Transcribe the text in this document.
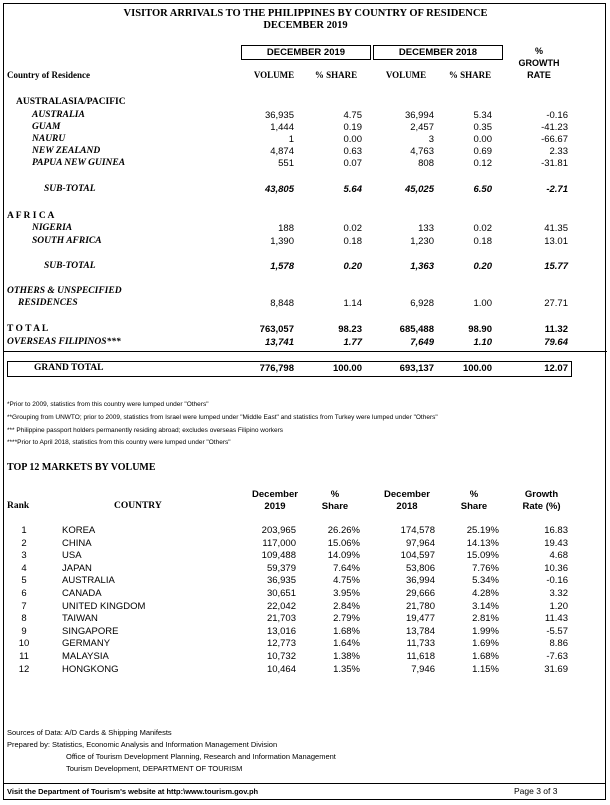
VISITOR ARRIVALS TO THE PHILIPPINES BY COUNTRY OF RESIDENCE
DECEMBER 2019
DECEMBER 2019	DECEMBER 2018	%
GROWTH
RATE
Country of Residence	VOLUME	% SHARE	VOLUME	% SHARE
AUSTRALASIA/PACIFIC
AUSTRALIA	36,935	4.75	36,994	5.34	-0.16
GUAM	1,444	0.19	2,457	0.35	-41.23
NAURU	1	0.00	3	0.00	-66.67
NEW ZEALAND	4,874	0.63	4,763	0.69	2.33
PAPUA NEW GUINEA	551	0.07	808	0.12	-31.81
SUB-TOTAL	43,805	5.64	45,025	6.50	-2.71
A F R I C A
NIGERIA	188	0.02	133	0.02	41.35
SOUTH AFRICA	1,390	0.18	1,230	0.18	13.01
SUB-TOTAL	1,578	0.20	1,363	0.20	15.77
OTHERS & UNSPECIFIED
RESIDENCES	8,848	1.14	6,928	1.00	27.71
T O T A L	763,057	98.23	685,488	98.90	11.32
OVERSEAS FILIPINOS***	13,741	1.77	7,649	1.10	79.64
GRAND TOTAL	776,798	100.00	693,137	100.00	12.07
*Prior to 2009, statistics from this country were lumped under "Others"
**Grouping from UNWTO; prior to 2009, statistics from Israel were lumped under "Middle East" and statistics from Turkey were lumped under "Others"
*** Philippine passport holders permanently residing abroad; excludes overseas Filipino workers
****Prior to April 2018, statistics from this country were lumped under "Others"
TOP 12 MARKETS BY VOLUME
Rank	COUNTRY
December
2019
%
Share
December
2018
%
Share
Growth
Rate (%)
1	KOREA	203,965	26.26%	174,578	25.19%	16.83
2	CHINA	117,000	15.06%	97,964	14.13%	19.43
3	USA	109,488	14.09%	104,597	15.09%	4.68
4	JAPAN	59,379	7.64%	53,806	7.76%	10.36
5	AUSTRALIA	36,935	4.75%	36,994	5.34%	-0.16
6	CANADA	30,651	3.95%	29,666	4.28%	3.32
7	UNITED KINGDOM	22,042	2.84%	21,780	3.14%	1.20
8	TAIWAN	21,703	2.79%	19,477	2.81%	11.43
9	SINGAPORE	13,016	1.68%	13,784	1.99%	-5.57
10	GERMANY	12,773	1.64%	11,733	1.69%	8.86
11	MALAYSIA	10,732	1.38%	11,618	1.68%	-7.63
12	HONGKONG	10,464	1.35%	7,946	1.15%	31.69
Sources of Data: A/D Cards & Shipping Manifests
Prepared by: Statistics, Economic Analysis and Information Management Division
Office of Tourism Development Planning, Research and Information Management
Tourism Development, DEPARTMENT OF TOURISM
Visit the Department of Tourism's website at http:\www.tourism.gov.ph	Page 3 of 3
